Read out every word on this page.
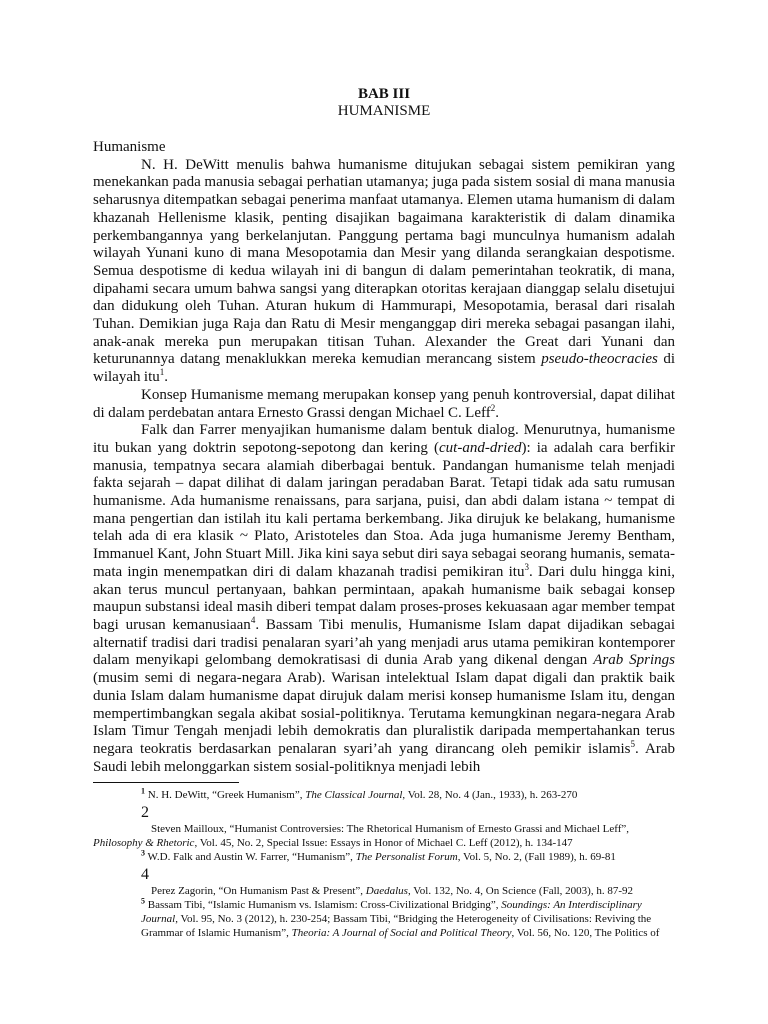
BAB III

HUMANISME

Humanisme

N. H. DeWitt menulis bahwa humanisme ditujukan sebagai sistem pemikiran yang menekankan pada manusia sebagai perhatian utamanya; juga pada sistem sosial di mana manusia seharusnya ditempatkan sebagai penerima manfaat utamanya. Elemen utama humanism di dalam khazanah Hellenisme klasik, penting disajikan bagaimana karakteristik di dalam dinamika perkembangannya yang berkelanjutan. Panggung pertama bagi munculnya humanism adalah wilayah Yunani kuno di mana Mesopotamia dan Mesir yang dilanda serangkaian despotisme. Semua despotisme di kedua wilayah ini di bangun di dalam pemerintahan teokratik, di mana, dipahami secara umum bahwa sangsi yang diterapkan otoritas kerajaan dianggap selalu disetujui dan didukung oleh Tuhan. Aturan hukum di Hammurapi, Mesopotamia, berasal dari risalah Tuhan. Demikian juga Raja dan Ratu di Mesir menganggap diri mereka sebagai pasangan ilahi, anak-anak mereka pun merupakan titisan Tuhan. Alexander the Great dari Yunani dan keturunannya datang menaklukkan mereka kemudian merancang sistem pseudo-theocracies di wilayah itu$^1$.

Konsep Humanisme memang merupakan konsep yang penuh kontroversial, dapat dilihat di dalam perdebatan antara Ernesto Grassi dengan Michael C. Leff$^2$.

Falk dan Farrer menyajikan humanisme dalam bentuk dialog. Menurutnya, humanisme itu bukan yang doktrin sepotong-sepotong dan kering (cut-and-dried): ia adalah cara berfikir manusia, tempatnya secara alamiah diberbagai bentuk. Pandangan humanisme telah menjadi fakta sejarah – dapat dilihat di dalam jaringan peradaban Barat. Tetapi tidak ada satu rumusan humanisme. Ada humanisme renaissans, para sarjana, puisi, dan abdi dalam istana ~ tempat di mana pengertian dan istilah itu kali pertama berkembang. Jika dirujuk ke belakang, humanisme telah ada di era klasik ~ Plato, Aristoteles dan Stoa. Ada juga humanisme Jeremy Bentham, Immanuel Kant, John Stuart Mill. Jika kini saya sebut diri saya sebagai seorang humanis, semata-mata ingin menempatkan diri di dalam khazanah tradisi pemikiran itu$^3$. Dari dulu hingga kini, akan terus muncul pertanyaan, bahkan permintaan, apakah humanisme baik sebagai konsep maupun substansi ideal masih diberi tempat dalam proses-proses kekuasaan agar member tempat bagi urusan kemanusiaan$^4$. Bassam Tibi menulis, Humanisme Islam dapat dijadikan sebagai alternatif tradisi dari tradisi penalaran syari’ah yang menjadi arus utama pemikiran kontemporer dalam menyikapi gelombang demokratisasi di dunia Arab yang dikenal dengan Arab Springs (musim semi di negara-negara Arab). Warisan intelektual Islam dapat digali dan praktik baik dunia Islam dalam humanisme dapat dirujuk dalam merisi konsep humanisme Islam itu, dengan mempertimbangkan segala akibat sosial-politiknya. Terutama kemungkinan negara-negara Arab Islam Timur Tengah menjadi lebih demokratis dan pluralistik daripada mempertahankan terus negara teokratis berdasarkan penalaran syari’ah yang dirancang oleh pemikir islamis$^5$. Arab Saudi lebih melonggarkan sistem sosial-politiknya menjadi lebih

$^1$ N. H. DeWitt, “Greek Humanism”, The Classical Journal, Vol. 28, No. 4 (Jan., 1933), h. 263-270

2

Steven Mailloux, “Humanist Controversies: The Rhetorical Humanism of Ernesto Grassi and Michael Leff”,

Philosophy & Rhetoric, Vol. 45, No. 2, Special Issue: Essays in Honor of Michael C. Leff (2012), h. 134-147

$^3$ W.D. Falk and Austin W. Farrer, “Humanism”, The Personalist Forum, Vol. 5, No. 2, (Fall 1989), h. 69-81

4

Perez Zagorin, “On Humanism Past & Present”, Daedalus, Vol. 132, No. 4, On Science (Fall, 2003), h. 87-92

$^5$ Bassam Tibi, “Islamic Humanism vs. Islamism: Cross-Civilizational Bridging”, Soundings: An Interdisciplinary Journal, Vol. 95, No. 3 (2012), h. 230-254; Bassam Tibi, “Bridging the Heterogeneity of Civilisations: Reviving the Grammar of Islamic Humanism”, Theoria: A Journal of Social and Political Theory, Vol. 56, No. 120, The Politics of
